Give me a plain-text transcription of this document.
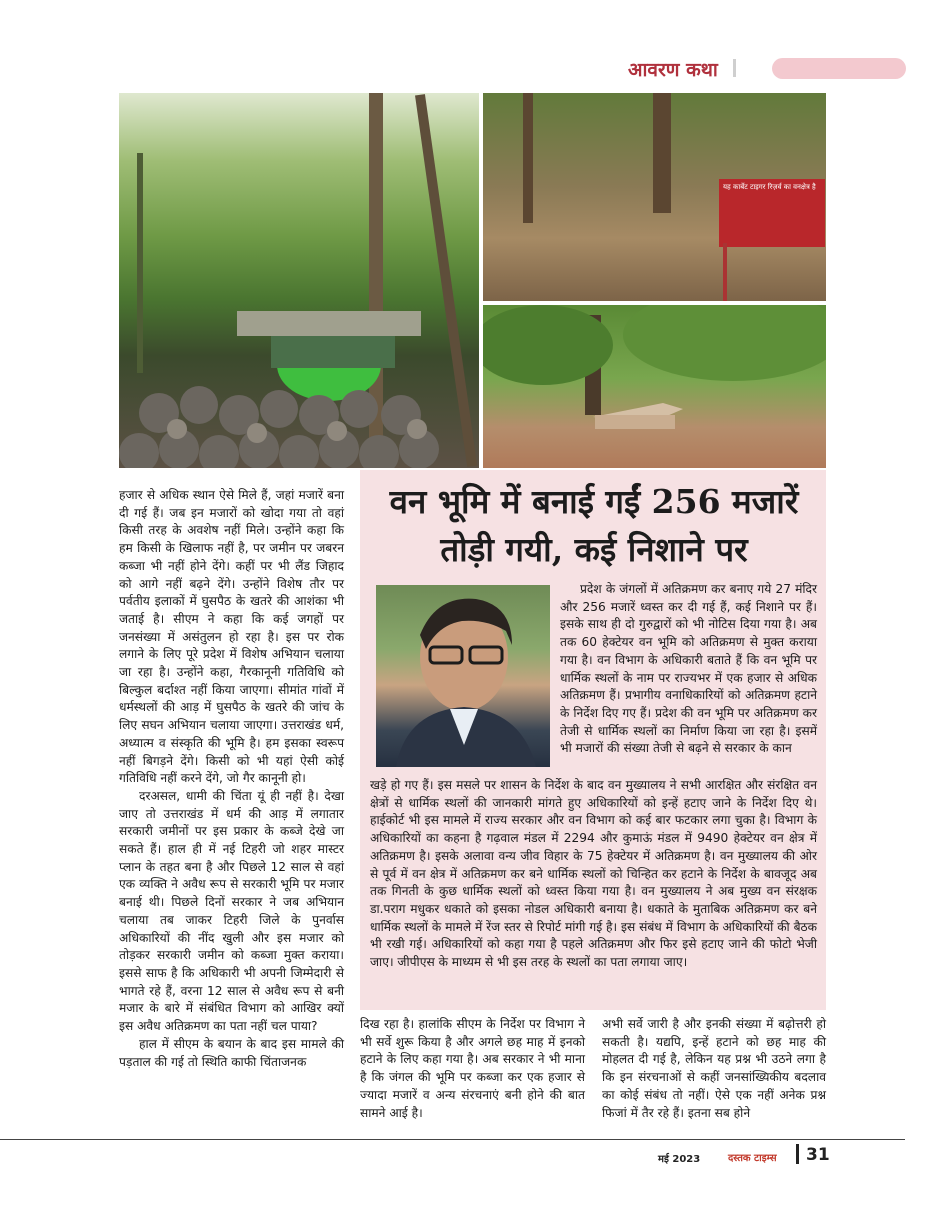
आवरण कथा
यह कार्बेट टाइगर रिज़र्व का वनक्षेत्र है
वन भूमि में बनाई गईं 256 मजारें
तोड़ी गयी, कई निशाने पर

हजार से अधिक स्थान ऐसे मिले हैं, जहां मजारें बना दी गई हैं। जब इन मजारों को खोदा गया तो वहां किसी तरह के अवशेष नहीं मिले। उन्होंने कहा कि हम किसी के खिलाफ नहीं है, पर जमीन पर जबरन कब्जा भी नहीं होने देंगे। कहीं पर भी लैंड जिहाद को आगे नहीं बढ़ने देंगे। उन्होंने विशेष तौर पर पर्वतीय इलाकों में घुसपैठ के खतरे की आशंका भी जताई है। सीएम ने कहा कि कई जगहों पर जनसंख्या में असंतुलन हो रहा है। इस पर रोक लगाने के लिए पूरे प्रदेश में विशेष अभियान चलाया जा रहा है। उन्होंने कहा, गैरकानूनी गतिविधि को बिल्कुल बर्दाश्त नहीं किया जाएगा। सीमांत गांवों में धर्मस्थलों की आड़ में घुसपैठ के खतरे की जांच के लिए सघन अभियान चलाया जाएगा। उत्तराखंड धर्म, अध्यात्म व संस्कृति की भूमि है। हम इसका स्वरूप नहीं बिगड़ने देंगे। किसी को भी यहां ऐसी कोई गतिविधि नहीं करने देंगे, जो गैर कानूनी हो।

दरअसल, धामी की चिंता यूं ही नहीं है। देखा जाए तो उत्तराखंड में धर्म की आड़ में लगातार सरकारी जमीनों पर इस प्रकार के कब्जे देखे जा सकते हैं। हाल ही में नई टिहरी जो शहर मास्टर प्लान के तहत बना है और पिछले 12 साल से वहां एक व्यक्ति ने अवैध रूप से सरकारी भूमि पर मजार बनाई थी। पिछले दिनों सरकार ने जब अभियान चलाया तब जाकर टिहरी जिले के पुनर्वास अधिकारियों की नींद खुली और इस मजार को तोड़कर सरकारी जमीन को कब्जा मुक्त कराया। इससे साफ है कि अधिकारी भी अपनी जिम्मेदारी से भागते रहे हैं, वरना 12 साल से अवैध रूप से बनी मजार के बारे में संबंधित विभाग को आखिर क्यों इस अवैध अतिक्रमण का पता नहीं चल पाया?

हाल में सीएम के बयान के बाद इस मामले की पड़ताल की गई तो स्थिति काफी चिंताजनक

प्रदेश के जंगलों में अतिक्रमण कर बनाए गये 27 मंदिर और 256 मजारें ध्वस्त कर दी गई हैं, कई निशाने पर हैं। इसके साथ ही दो गुरुद्वारों को भी नोटिस दिया गया है। अब तक 60 हेक्टेयर वन भूमि को अतिक्रमण से मुक्त कराया गया है। वन विभाग के अधिकारी बताते हैं कि वन भूमि पर धार्मिक स्थलों के नाम पर राज्यभर में एक हजार से अधिक अतिक्रमण हैं। प्रभागीय वनाधिकारियों को अतिक्रमण हटाने के निर्देश दिए गए हैं। प्रदेश की वन भूमि पर अतिक्रमण कर तेजी से धार्मिक स्थलों का निर्माण किया जा रहा है। इसमें भी मजारों की संख्या तेजी से बढ़ने से सरकार के कान
खड़े हो गए हैं। इस मसले पर शासन के निर्देश के बाद वन मुख्यालय ने सभी आरक्षित और संरक्षित वन क्षेत्रों से धार्मिक स्थलों की जानकारी मांगते हुए अधिकारियों को इन्हें हटाए जाने के निर्देश दिए थे। हाईकोर्ट भी इस मामले में राज्य सरकार और वन विभाग को कई बार फटकार लगा चुका है। विभाग के अधिकारियों का कहना है गढ़वाल मंडल में 2294 और कुमाऊं मंडल में 9490 हेक्टेयर वन क्षेत्र में अतिक्रमण है। इसके अलावा वन्य जीव विहार के 75 हेक्टेयर में अतिक्रमण है। वन मुख्यालय की ओर से पूर्व में वन क्षेत्र में अतिक्रमण कर बने धार्मिक स्थलों को चिन्हित कर हटाने के निर्देश के बावजूद अब तक गिनती के कुछ धार्मिक स्थलों को ध्वस्त किया गया है। वन मुख्यालय ने अब मुख्य वन संरक्षक डा.पराग मधुकर धकाते को इसका नोडल अधिकारी बनाया है। धकाते के मुताबिक अतिक्रमण कर बने धार्मिक स्थलों के मामले में रेंज स्तर से रिपोर्ट मांगी गई है। इस संबंध में विभाग के अधिकारियों की बैठक भी रखी गई। अधिकारियों को कहा गया है पहले अतिक्रमण और फिर इसे हटाए जाने की फोटो भेजी जाए। जीपीएस के माध्यम से भी इस तरह के स्थलों का पता लगाया जाए।
दिख रहा है। हालांकि सीएम के निर्देश पर विभाग ने भी सर्वे शुरू किया है और अगले छह माह में इनको हटाने के लिए कहा गया है। अब सरकार ने भी माना है कि जंगल की भूमि पर कब्जा कर एक हजार से ज्यादा मजारें व अन्य संरचनाएं बनी होने की बात सामने आई है।
अभी सर्वे जारी है और इनकी संख्या में बढ़ोत्तरी हो सकती है। यद्यपि, इन्हें हटाने को छह माह की मोहलत दी गई है, लेकिन यह प्रश्न भी उठने लगा है कि इन संरचनाओं से कहीं जनसांख्यिकीय बदलाव का कोई संबंध तो नहीं। ऐसे एक नहीं अनेक प्रश्न फिजां में तैर रहे हैं। इतना सब होने
मई 2023	दस्तक टाइम्स 31
